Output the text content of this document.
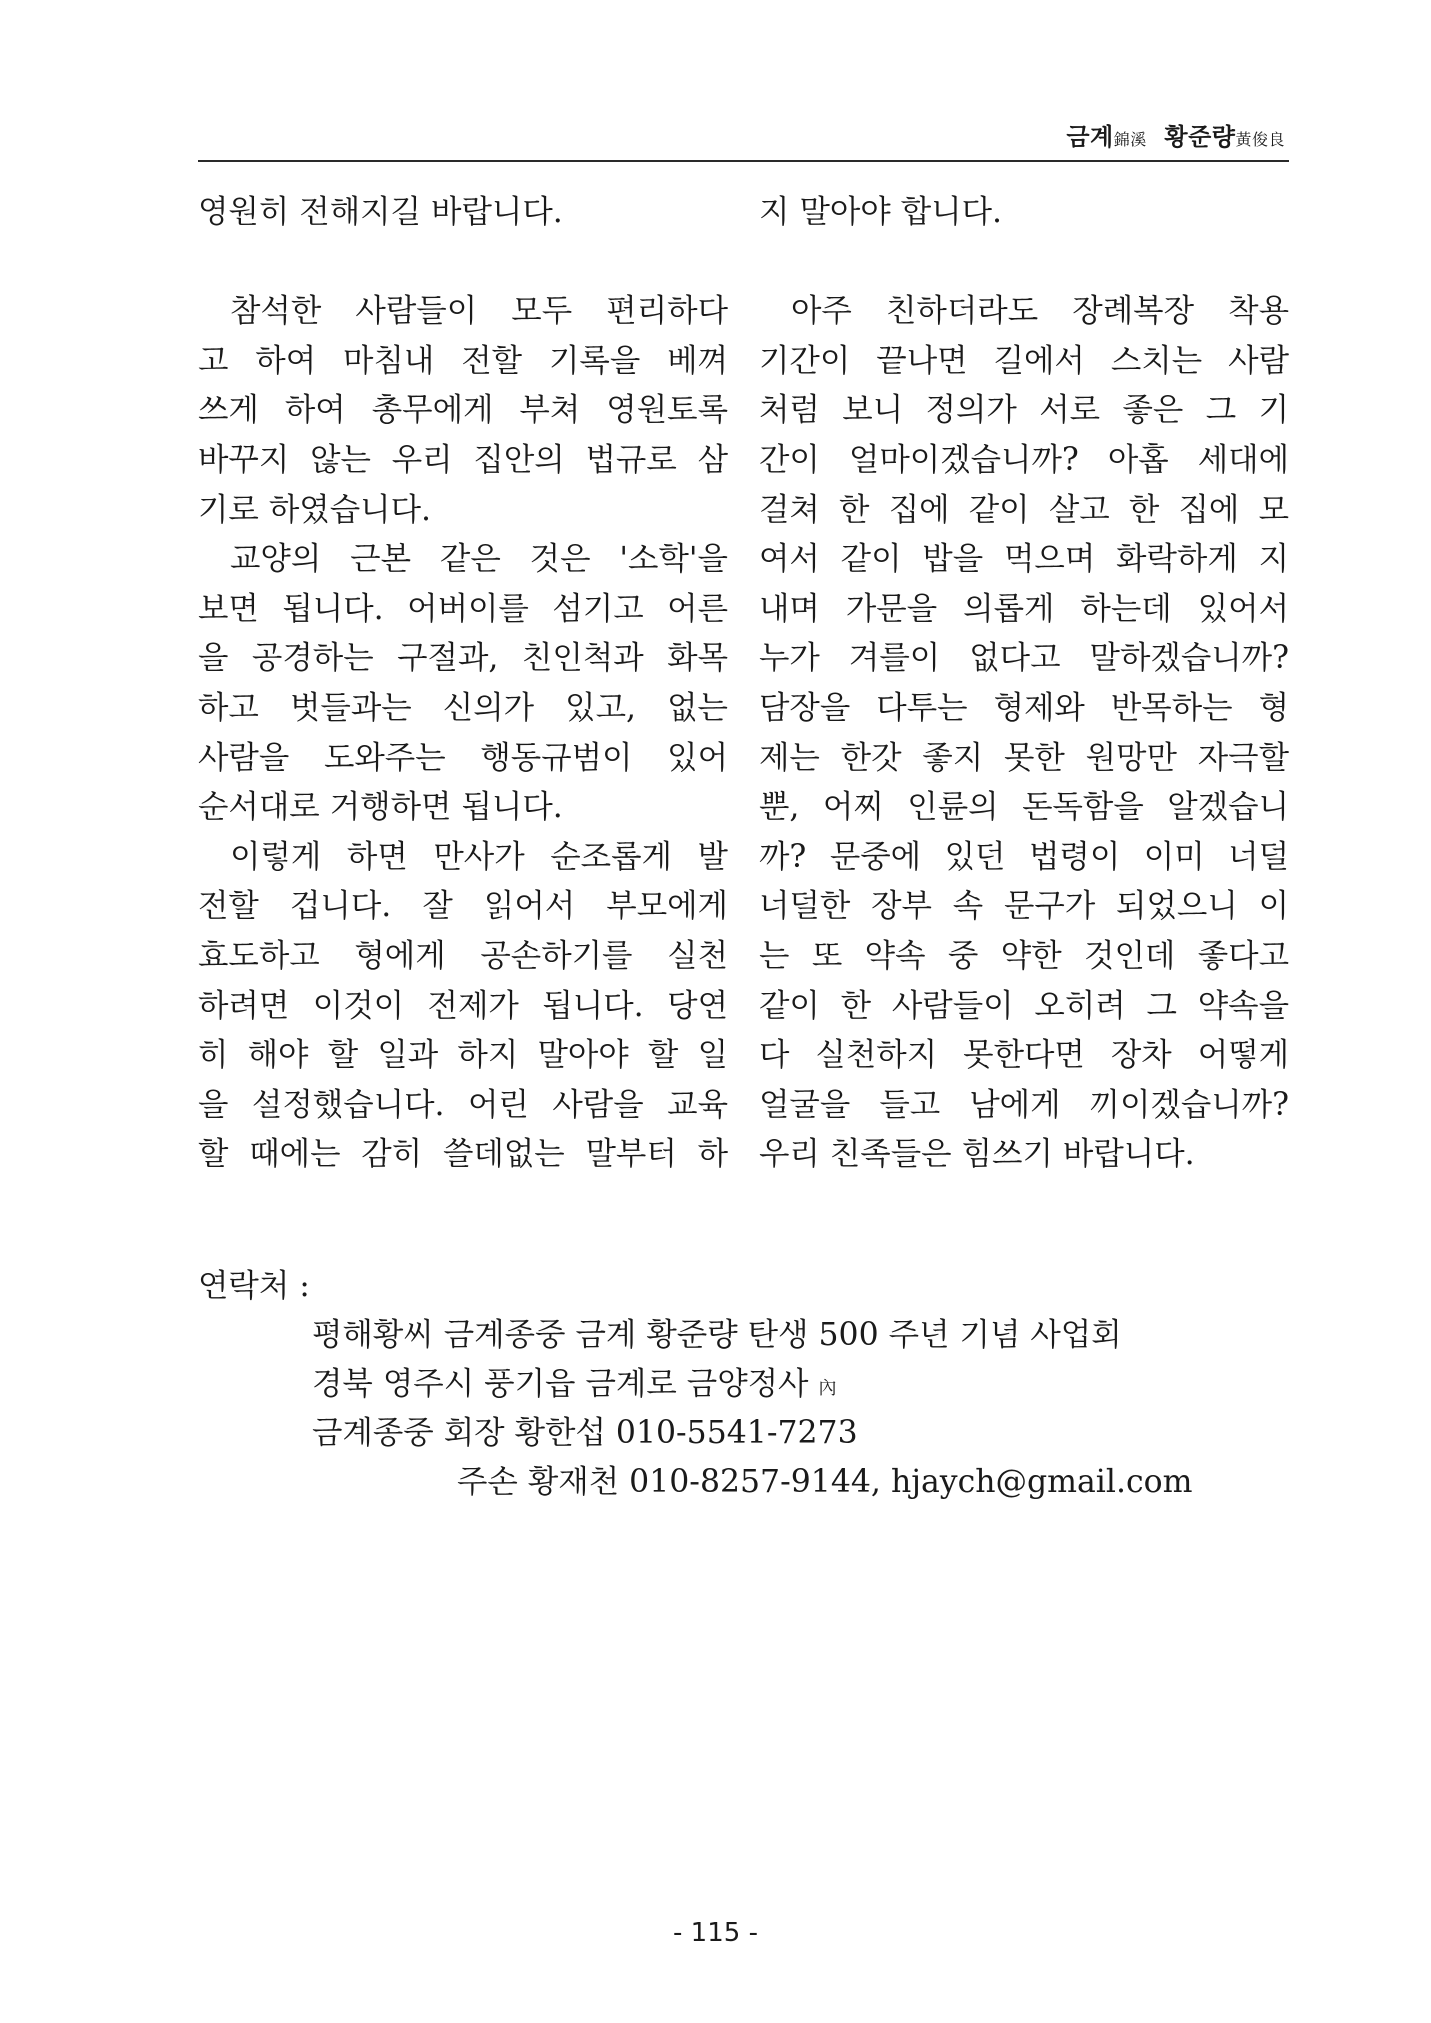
금계錦溪 황준량黃俊良
영원히 전해지길 바랍니다.
참석한 사람들이 모두 편리하다
고 하여 마침내 전할 기록을 베껴
쓰게 하여 총무에게 부쳐 영원토록
바꾸지 않는 우리 집안의 법규로 삼
기로 하였습니다.
교양의 근본 같은 것은 '소학'을
보면 됩니다. 어버이를 섬기고 어른
을 공경하는 구절과, 친인척과 화목
하고 벗들과는 신의가 있고, 없는
사람을 도와주는 행동규범이 있어
순서대로 거행하면 됩니다.
이렇게 하면 만사가 순조롭게 발
전할 겁니다. 잘 읽어서 부모에게
효도하고 형에게 공손하기를 실천
하려면 이것이 전제가 됩니다. 당연
히 해야 할 일과 하지 말아야 할 일
을 설정했습니다. 어린 사람을 교육
할 때에는 감히 쓸데없는 말부터 하
지 말아야 합니다.
아주 친하더라도 장례복장 착용
기간이 끝나면 길에서 스치는 사람
처럼 보니 정의가 서로 좋은 그 기
간이 얼마이겠습니까? 아홉 세대에
걸쳐 한 집에 같이 살고 한 집에 모
여서 같이 밥을 먹으며 화락하게 지
내며 가문을 의롭게 하는데 있어서
누가 겨를이 없다고 말하겠습니까?
담장을 다투는 형제와 반목하는 형
제는 한갓 좋지 못한 원망만 자극할
뿐, 어찌 인륜의 돈독함을 알겠습니
까? 문중에 있던 법령이 이미 너덜
너덜한 장부 속 문구가 되었으니 이
는 또 약속 중 약한 것인데 좋다고
같이 한 사람들이 오히려 그 약속을
다 실천하지 못한다면 장차 어떻게
얼굴을 들고 남에게 끼이겠습니까?
우리 친족들은 힘쓰기 바랍니다.
연락처 :
평해황씨 금계종중 금계 황준량 탄생 500 주년 기념 사업회
경북 영주시 풍기읍 금계로 금양정사 內
금계종중 회장 황한섭 010-5541-7273
주손 황재천 010-8257-9144, hjaych@gmail.com
- 115 -
